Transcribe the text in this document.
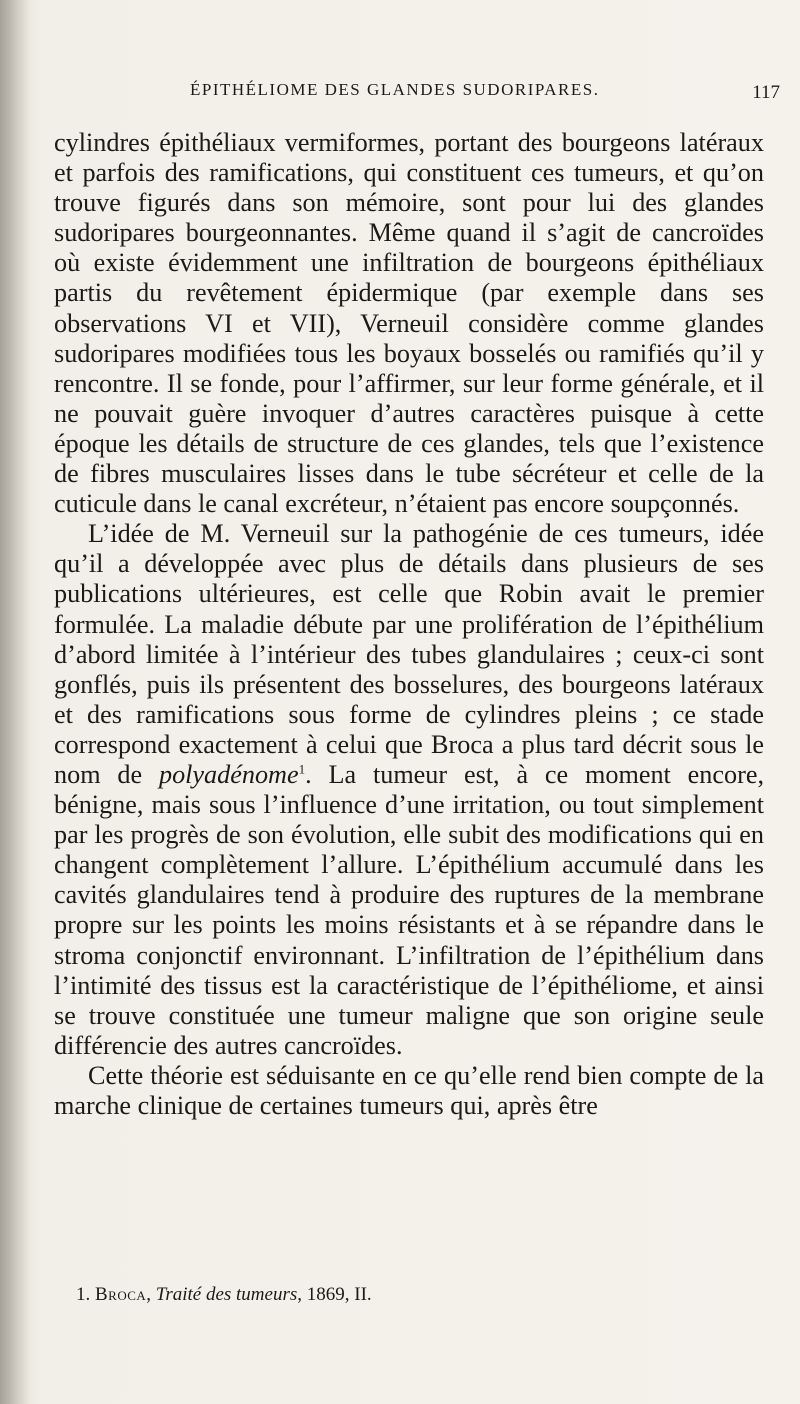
ÉPITHÉLIOME DES GLANDES SUDORIPARES.	117

cylindres épithéliaux vermiformes, portant des bourgeons latéraux et parfois des ramifications, qui constituent ces tumeurs, et qu’on trouve figurés dans son mémoire, sont pour lui des glandes sudoripares bourgeonnantes. Même quand il s’agit de cancroïdes où existe évidemment une infiltration de bourgeons épithéliaux partis du revêtement épidermique (par exemple dans ses observations VI et VII), Verneuil considère comme glandes sudoripares modifiées tous les boyaux bosselés ou ramifiés qu’il y rencontre. Il se fonde, pour l’affirmer, sur leur forme générale, et il ne pouvait guère invoquer d’autres caractères puisque à cette époque les détails de structure de ces glandes, tels que l’existence de fibres musculaires lisses dans le tube sécréteur et celle de la cuticule dans le canal excréteur, n’étaient pas encore soupçonnés.

L’idée de M. Verneuil sur la pathogénie de ces tumeurs, idée qu’il a développée avec plus de détails dans plusieurs de ses publications ultérieures, est celle que Robin avait le premier formulée. La maladie débute par une prolifération de l’épithélium d’abord limitée à l’intérieur des tubes glandulaires ; ceux-ci sont gonflés, puis ils présentent des bosselures, des bourgeons latéraux et des ramifications sous forme de cylindres pleins ; ce stade correspond exactement à celui que Broca a plus tard décrit sous le nom de polyadénome$^1$. La tumeur est, à ce moment encore, bénigne, mais sous l’influence d’une irritation, ou tout simplement par les progrès de son évolution, elle subit des modifications qui en changent complètement l’allure. L’épithélium accumulé dans les cavités glandulaires tend à produire des ruptures de la membrane propre sur les points les moins résistants et à se répandre dans le stroma conjonctif environnant. L’infiltration de l’épithélium dans l’intimité des tissus est la caractéristique de l’épithéliome, et ainsi se trouve constituée une tumeur maligne que son origine seule différencie des autres cancroïdes.

Cette théorie est séduisante en ce qu’elle rend bien compte de la marche clinique de certaines tumeurs qui, après être

1. Broca, Traité des tumeurs, 1869, II.
